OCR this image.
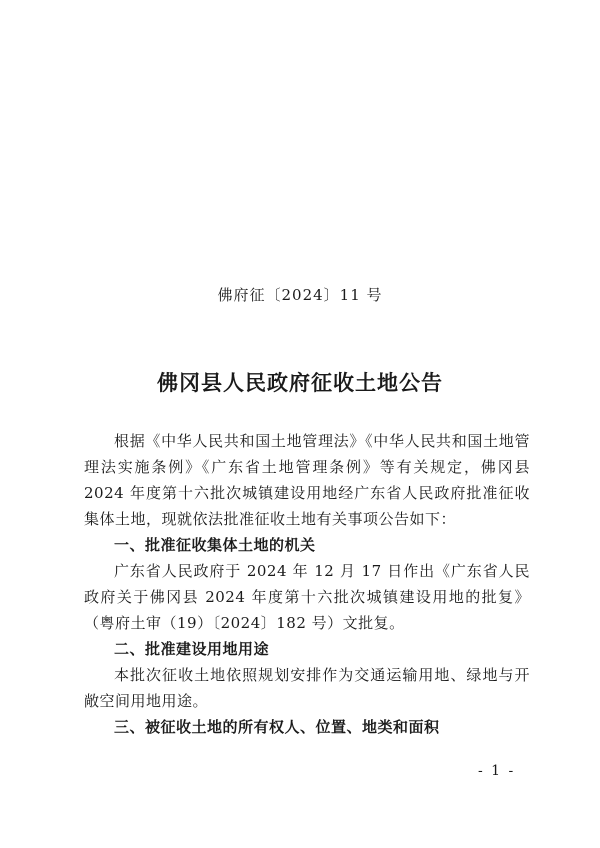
佛府征〔2024〕11 号
佛冈县人民政府征收土地公告

根据《中华人民共和国土地管理法》《中华人民共和国土地管理法实施条例》《广东省土地管理条例》等有关规定，佛冈县 2024 年度第十六批次城镇建设用地经广东省人民政府批准征收集体土地，现就依法批准征收土地有关事项公告如下：

一、批准征收集体土地的机关

广东省人民政府于 2024 年 12 月 17 日作出《广东省人民政府关于佛冈县 2024 年度第十六批次城镇建设用地的批复》（粤府土审（19）〔2024〕182 号）文批复。

二、批准建设用地用途

本批次征收土地依照规划安排作为交通运输用地、绿地与开敞空间用地用途。

三、被征收土地的所有权人、位置、地类和面积

- 1 -
